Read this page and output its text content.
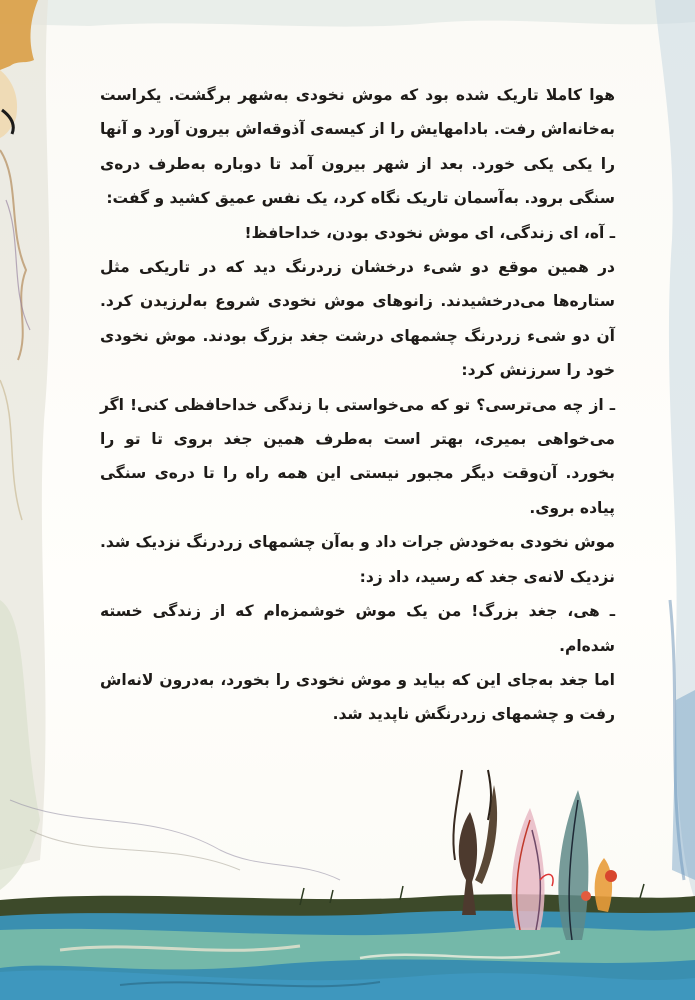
هوا کاملا تاریک شده بود که موش نخودی به‌شهر برگشت. یکراست به‌خانه‌اش رفت. بادامهایش را از کیسه‌ی آذوقه‌اش بیرون آورد و آنها را یکی یکی خورد. بعد از شهر بیرون آمد تا دوباره به‌طرف دره‌ی سنگی برود. به‌آسمان تاریک نگاه کرد، یک نفس عمیق کشید و گفت:

ـ آه، ای زندگی، ای موش نخودی بودن، خداحافظ!

در همین موقع دو شیء درخشان زردرنگ دید که در تاریکی مثل ستاره‌ها می‌درخشیدند. زانوهای موش نخودی شروع به‌لرزیدن کرد. آن دو شیء زردرنگ چشمهای درشت جغد بزرگ بودند. موش نخودی خود را سرزنش کرد:

ـ از چه می‌ترسی؟ تو که می‌خواستی با زندگی خداحافظی کنی! اگر می‌خواهی بمیری، بهتر است به‌طرف همین جغد بروی تا تو را بخورد. آن‌وقت دیگر مجبور نیستی این همه راه را تا دره‌ی سنگی پیاده بروی.

موش نخودی به‌خودش جرات داد و به‌آن چشمهای زردرنگ نزدیک شد. نزدیک لانه‌ی جغد که رسید، داد زد:

ـ هی، جغد بزرگ! من یک موش خوشمزه‌ام که از زندگی خسته شده‌ام.

اما جغد به‌جای این که بیاید و موش نخودی را بخورد، به‌درون لانه‌اش رفت و چشمهای زردرنگش ناپدید شد.
